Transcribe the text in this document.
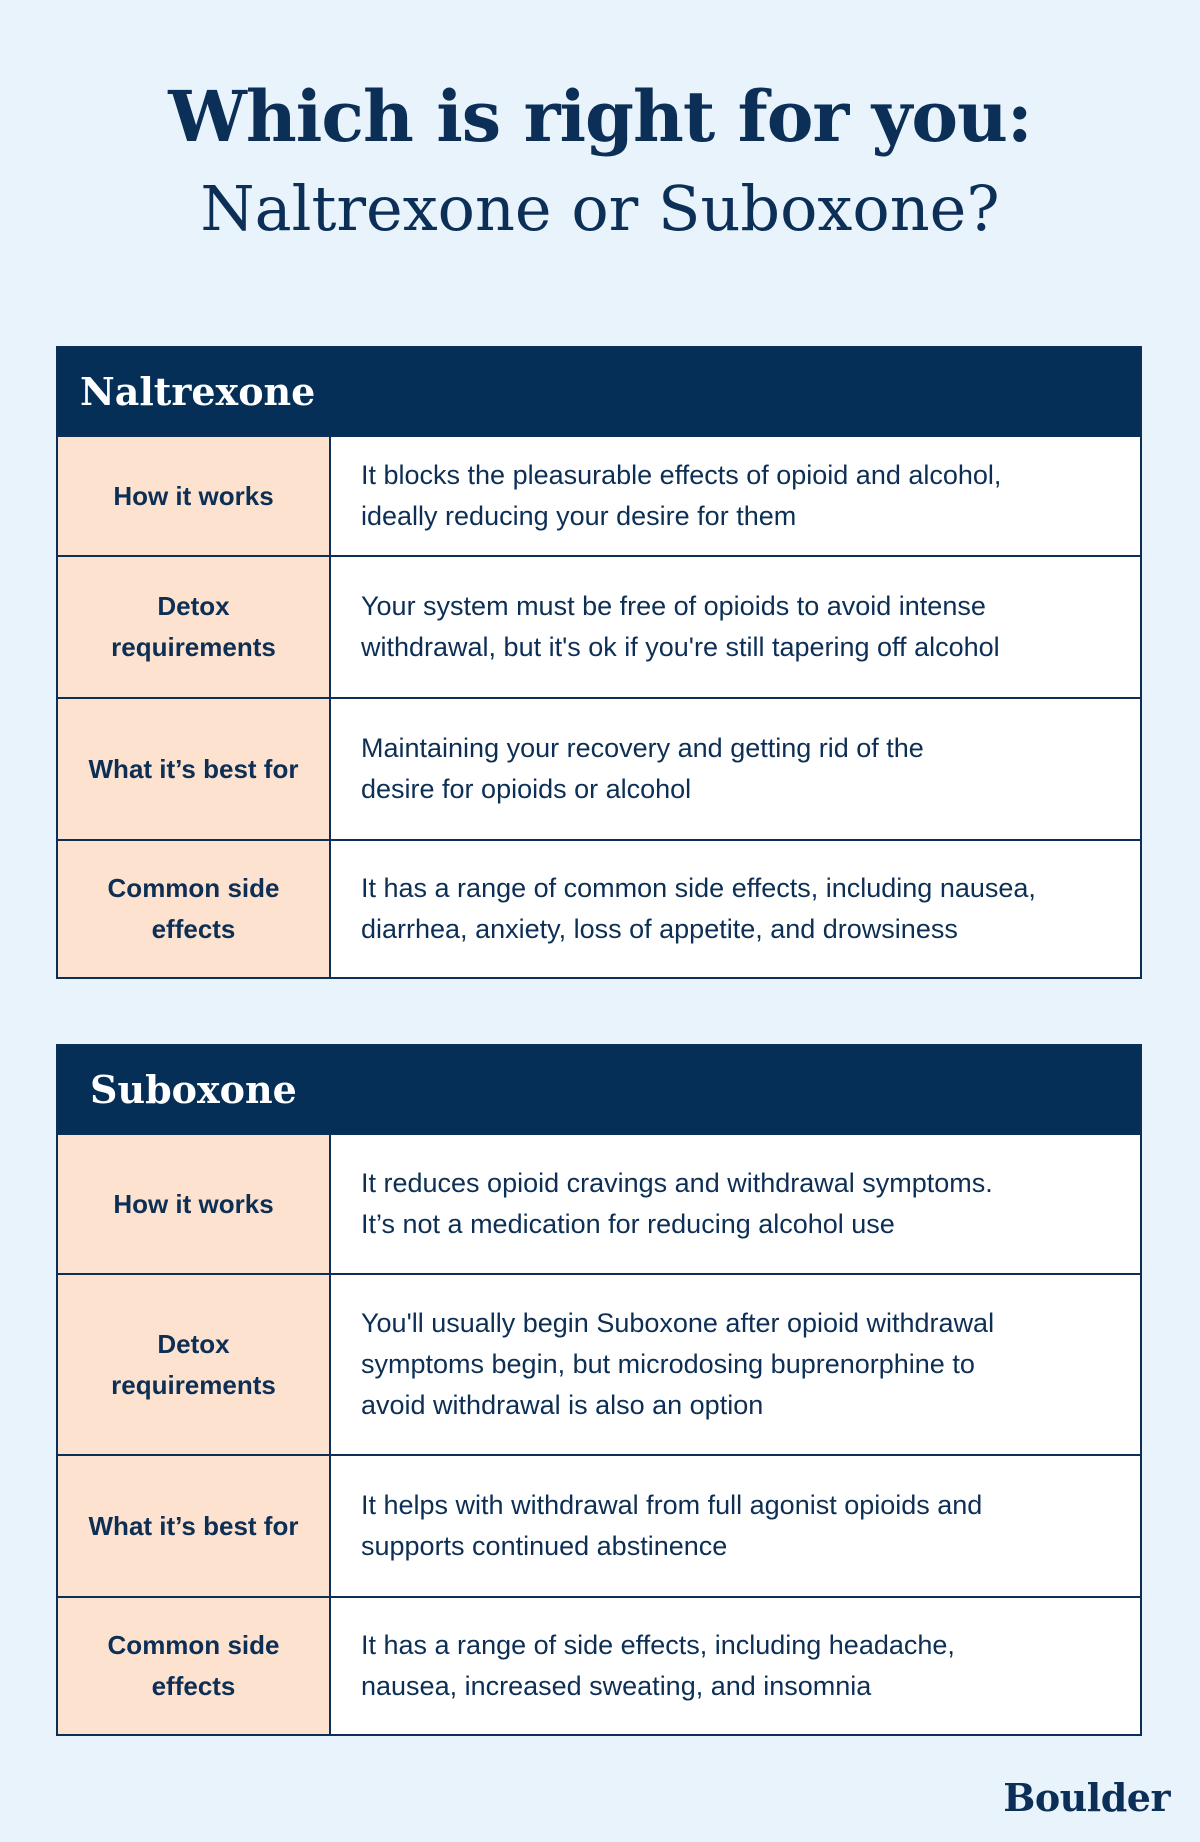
Which is right for you:
Naltrexone or Suboxone?
Naltrexone
How it works
It blocks the pleasurable effects of opioid and alcohol,
ideally reducing your desire for them
Detox requirements
Your system must be free of opioids to avoid intense
withdrawal, but it's ok if you're still tapering off alcohol
What it’s best for
Maintaining your recovery and getting rid of the
desire for opioids or alcohol
Common side effects
It has a range of common side effects, including nausea,
diarrhea, anxiety, loss of appetite, and drowsiness
Suboxone
How it works
It reduces opioid cravings and withdrawal symptoms.
It’s not a medication for reducing alcohol use
Detox requirements
You'll usually begin Suboxone after opioid withdrawal
symptoms begin, but microdosing buprenorphine to
avoid withdrawal is also an option
What it’s best for
It helps with withdrawal from full agonist opioids and
supports continued abstinence
Common side effects
It has a range of side effects, including headache,
nausea, increased sweating, and insomnia
Boulder
